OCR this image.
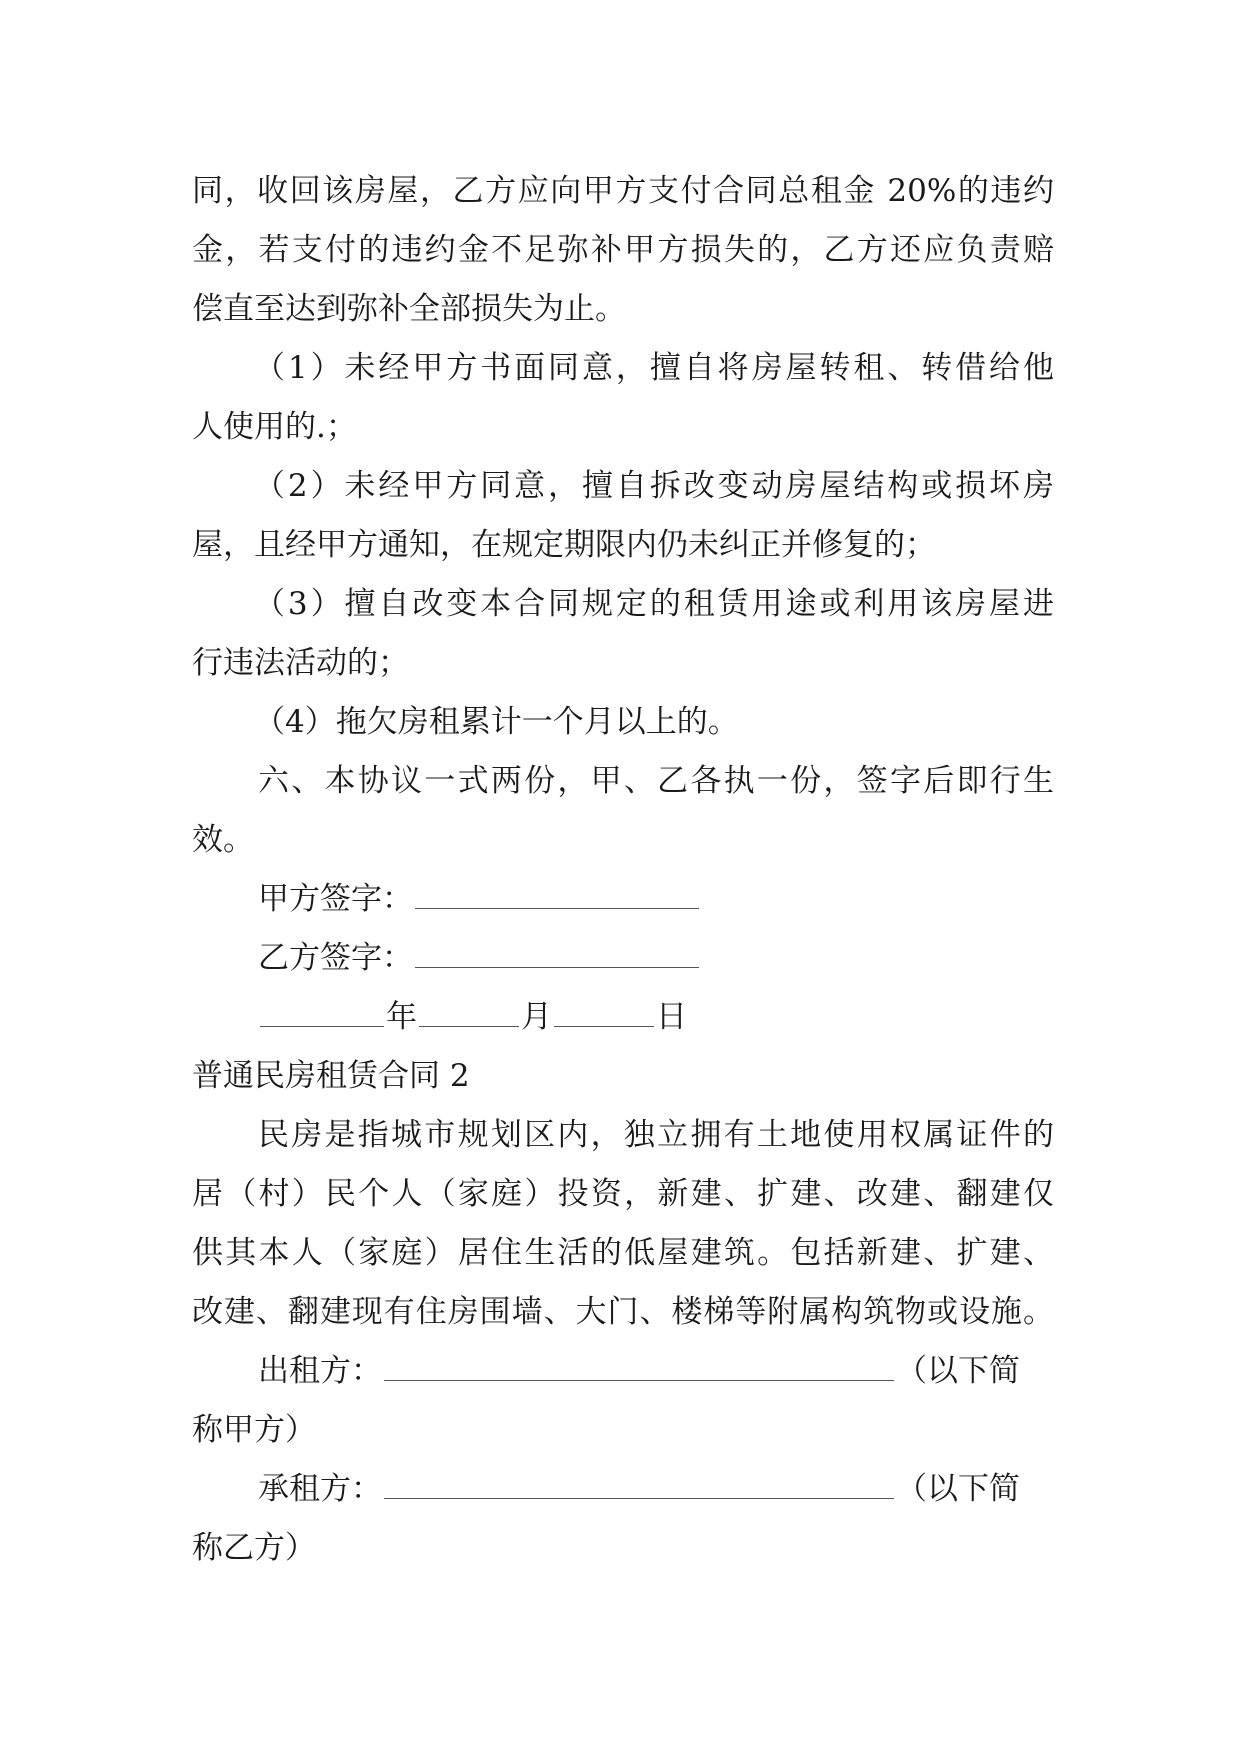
同，收回该房屋，乙方应向甲方支付合同总租金 20%的违约
金，若支付的违约金不足弥补甲方损失的，乙方还应负责赔
偿直至达到弥补全部损失为止。
（1）未经甲方书面同意，擅自将房屋转租、转借给他
人使用的.；
（2）未经甲方同意，擅自拆改变动房屋结构或损坏房
屋，且经甲方通知，在规定期限内仍未纠正并修复的；
（3）擅自改变本合同规定的租赁用途或利用该房屋进
行违法活动的；
（4）拖欠房租累计一个月以上的。
六、本协议一式两份，甲、乙各执一份，签字后即行生
效。
甲方签字：
乙方签字：
年	月	日
普通民房租赁合同 2
民房是指城市规划区内，独立拥有土地使用权属证件的
居（村）民个人（家庭）投资，新建、扩建、改建、翻建仅
供其本人（家庭）居住生活的低屋建筑。包括新建、扩建、
改建、翻建现有住房围墙、大门、楼梯等附属构筑物或设施。
出租方：	（以下简
称甲方）
承租方：	（以下简
称乙方）
